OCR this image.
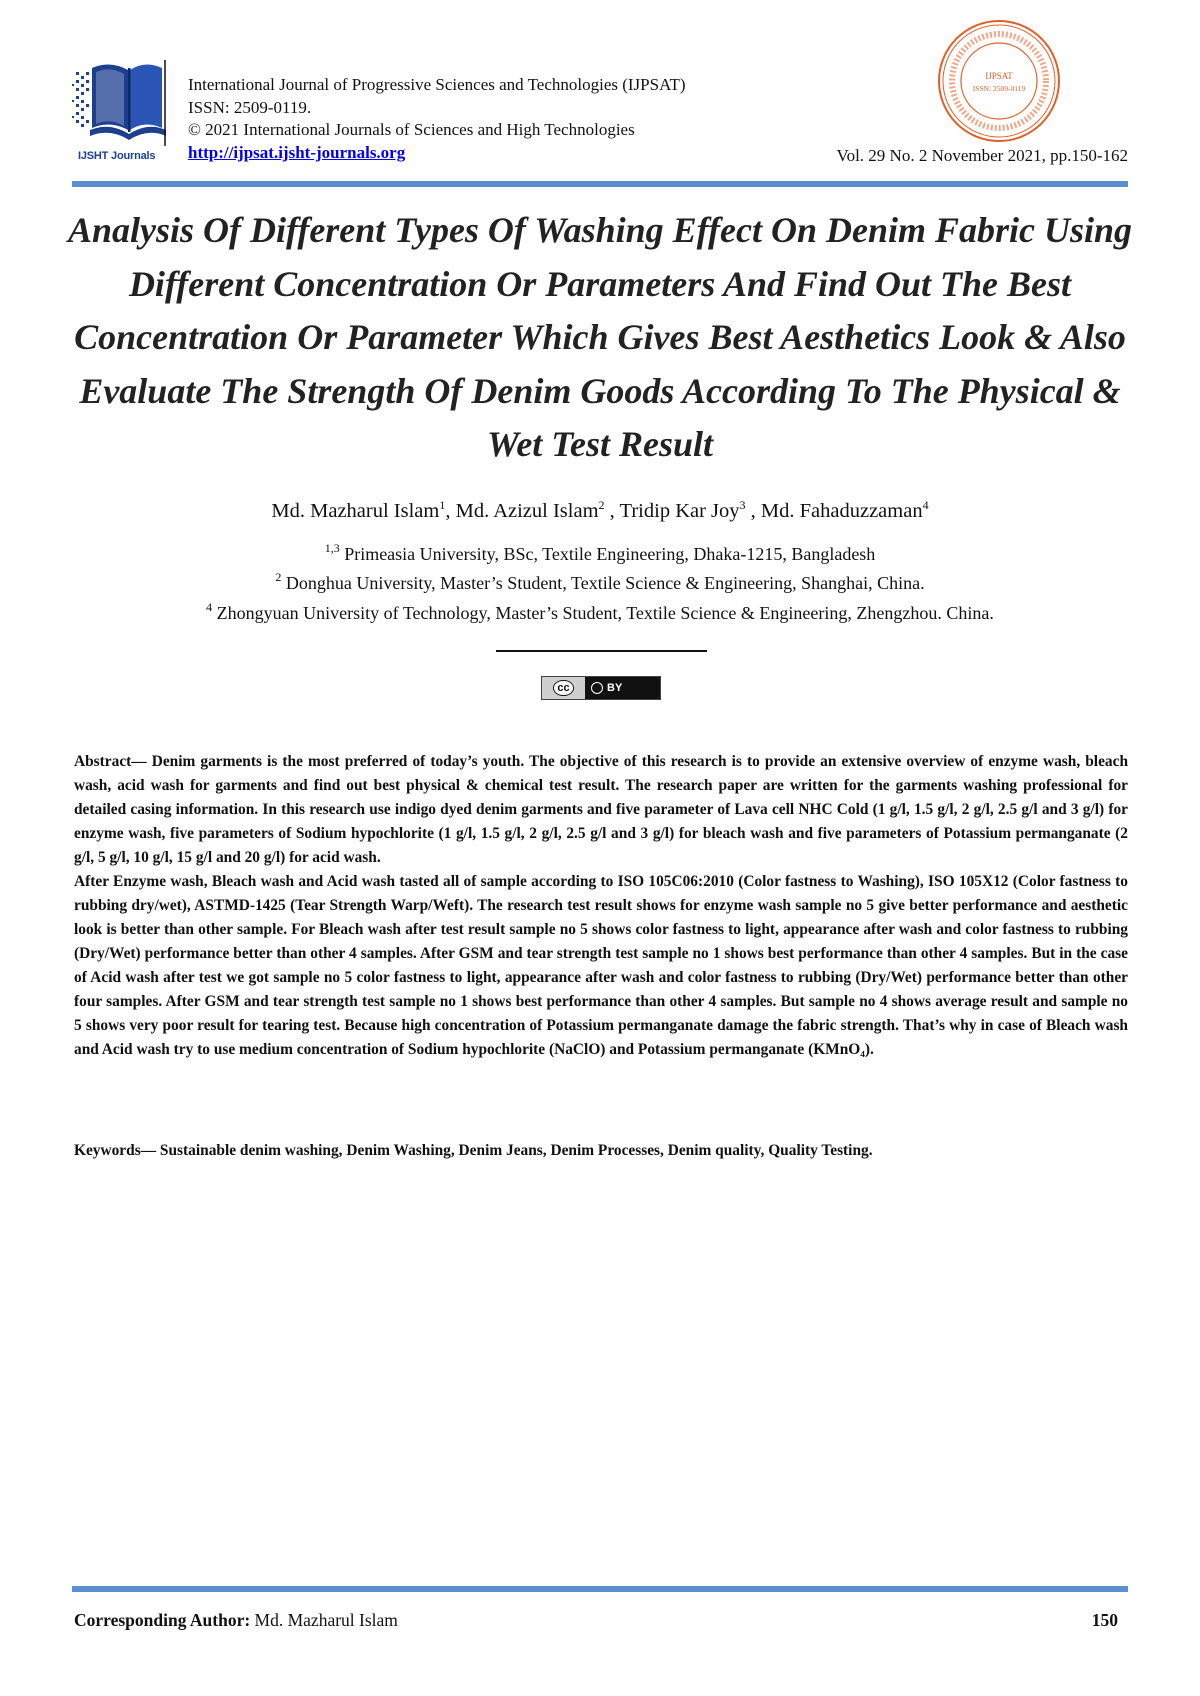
IJSHT Journals
International Journal of Progressive Sciences and Technologies (IJPSAT)
ISSN: 2509-0119.
© 2021 International Journals of Sciences and High Technologies
http://ijpsat.ijsht-journals.org	Vol. 29 No. 2 November 2021, pp.150-162
IJPSAT
ISSN: 2509-0119
Analysis Of Different Types Of Washing Effect On Denim Fabric Using Different Concentration Or Parameters And Find Out The Best Concentration Or Parameter Which Gives Best Aesthetics Look & Also Evaluate The Strength Of Denim Goods According To The Physical & Wet Test Result
Md. Mazharul Islam$^1$, Md. Azizul Islam$^2$ , Tridip Kar Joy$^3$ , Md. Fahaduzzaman$^4$
$^{1,3}$ Primeasia University, BSc, Textile Engineering, Dhaka-1215, Bangladesh
$^2$ Donghua University, Master’s Student, Textile Science & Engineering, Shanghai, China.
$^4$ Zhongyuan University of Technology, Master’s Student, Textile Science & Engineering, Zhengzhou. China.
cc	BY

Abstract— Denim garments is the most preferred of today’s youth. The objective of this research is to provide an extensive overview of enzyme wash, bleach wash, acid wash for garments and find out best physical & chemical test result. The research paper are written for the garments washing professional for detailed casing information. In this research use indigo dyed denim garments and five parameter of Lava cell NHC Cold (1 g/l, 1.5 g/l, 2 g/l, 2.5 g/l and 3 g/l) for enzyme wash, five parameters of Sodium hypochlorite (1 g/l, 1.5 g/l, 2 g/l, 2.5 g/l and 3 g/l) for bleach wash and five parameters of Potassium permanganate (2 g/l, 5 g/l, 10 g/l, 15 g/l and 20 g/l) for acid wash.

After Enzyme wash, Bleach wash and Acid wash tasted all of sample according to ISO 105C06:2010 (Color fastness to Washing), ISO 105X12 (Color fastness to rubbing dry/wet), ASTMD-1425 (Tear Strength Warp/Weft). The research test result shows for enzyme wash sample no 5 give better performance and aesthetic look is better than other sample. For Bleach wash after test result sample no 5 shows color fastness to light, appearance after wash and color fastness to rubbing (Dry/Wet) performance better than other 4 samples. After GSM and tear strength test sample no 1 shows best performance than other 4 samples. But in the case of Acid wash after test we got sample no 5 color fastness to light, appearance after wash and color fastness to rubbing (Dry/Wet) performance better than other four samples. After GSM and tear strength test sample no 1 shows best performance than other 4 samples. But sample no 4 shows average result and sample no 5 shows very poor result for tearing test. Because high concentration of Potassium permanganate damage the fabric strength. That’s why in case of Bleach wash and Acid wash try to use medium concentration of Sodium hypochlorite (NaClO) and Potassium permanganate (KMnO₄).

Keywords— Sustainable denim washing, Denim Washing, Denim Jeans, Denim Processes, Denim quality, Quality Testing.
Corresponding Author: Md. Mazharul Islam	150
